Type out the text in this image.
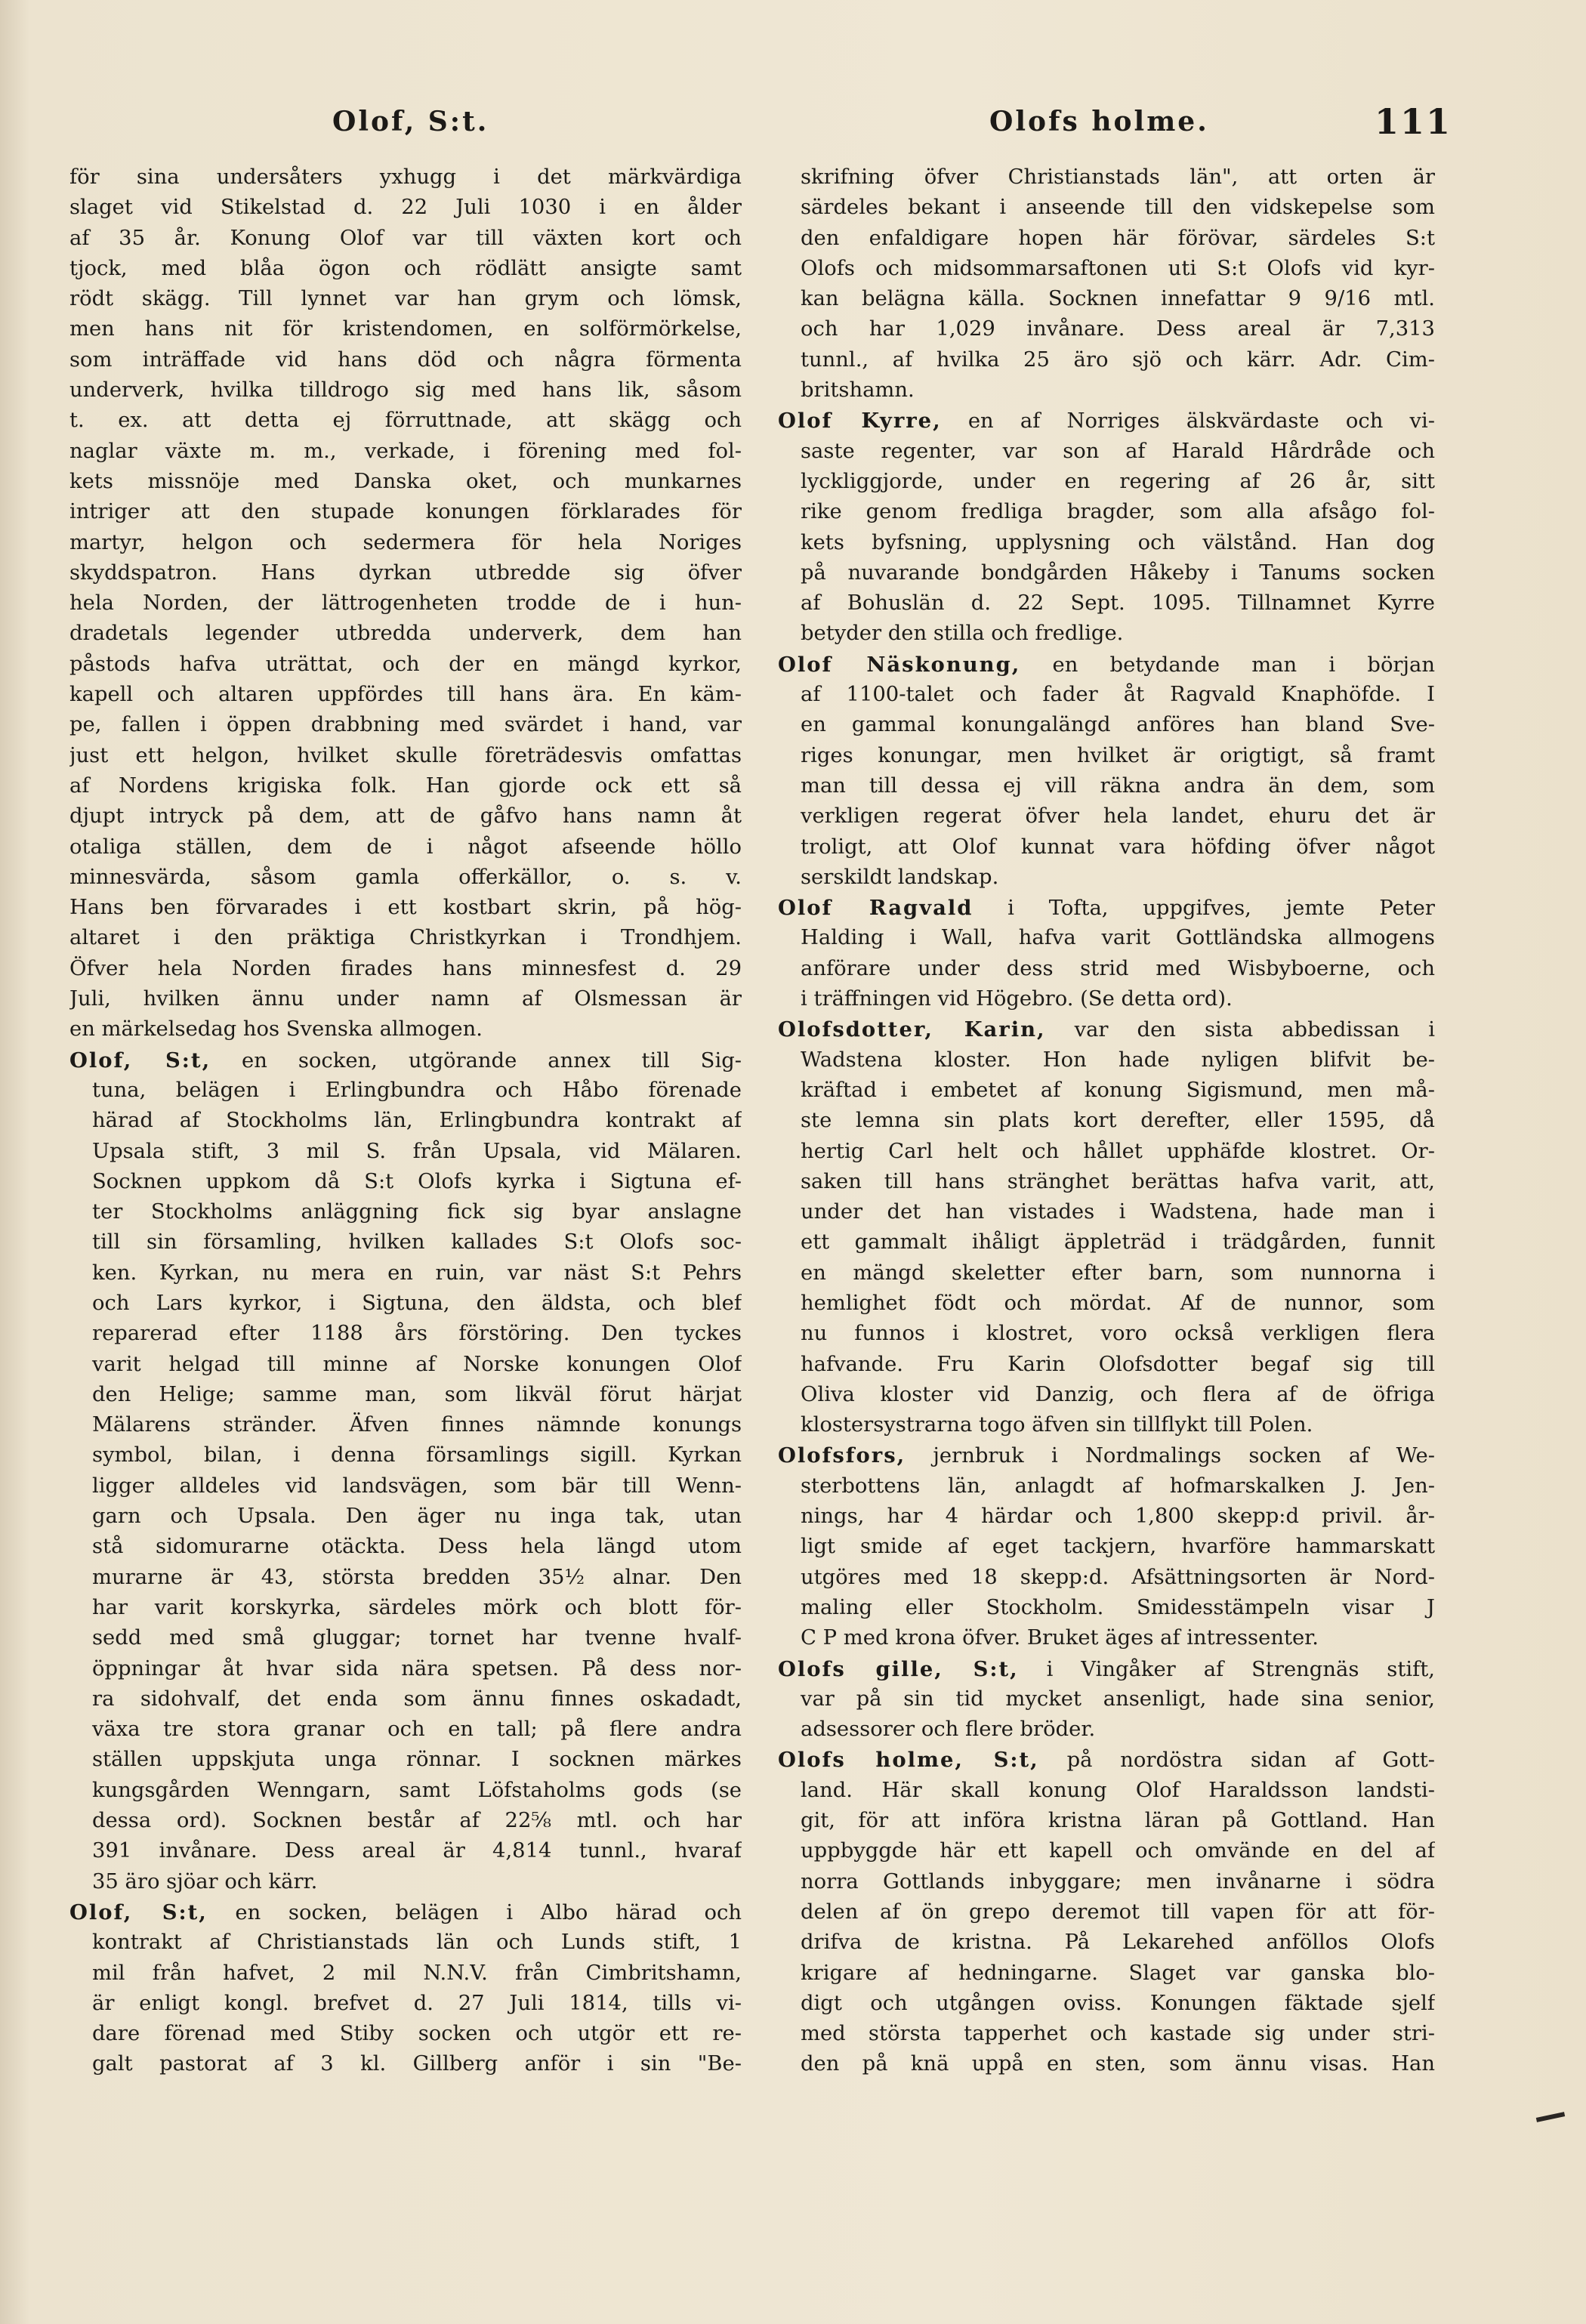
Olof, S:t.	Olofs holme.	111
för sina undersåters yxhugg i det märkvärdiga
slaget vid Stikelstad d. 22 Juli 1030 i en ålder
af 35 år. Konung Olof var till växten kort och
tjock, med blåa ögon och rödlätt ansigte samt
rödt skägg. Till lynnet var han grym och lömsk,
men hans nit för kristendomen, en solförmörkelse,
som inträffade vid hans död och några förmenta
underverk, hvilka tilldrogo sig med hans lik, såsom
t. ex. att detta ej förruttnade, att skägg och
naglar växte m. m., verkade, i förening med fol-
kets missnöje med Danska oket, och munkarnes
intriger att den stupade konungen förklarades för
martyr, helgon och sedermera för hela Noriges
skyddspatron. Hans dyrkan utbredde sig öfver
hela Norden, der lättrogenheten trodde de i hun-
dradetals legender utbredda underverk, dem han
påstods hafva uträttat, och der en mängd kyrkor,
kapell och altaren uppfördes till hans ära. En käm-
pe, fallen i öppen drabbning med svärdet i hand, var
just ett helgon, hvilket skulle företrädesvis omfattas
af Nordens krigiska folk. Han gjorde ock ett så
djupt intryck på dem, att de gåfvo hans namn åt
otaliga ställen, dem de i något afseende höllo
minnesvärda, såsom gamla offerkällor, o. s. v.
Hans ben förvarades i ett kostbart skrin, på hög-
altaret i den präktiga Christkyrkan i Trondhjem.
Öfver hela Norden firades hans minnesfest d. 29
Juli, hvilken ännu under namn af Olsmessan är
en märkelsedag hos Svenska allmogen.
Olof, S:t, en socken, utgörande annex till Sig-
tuna, belägen i Erlingbundra och Håbo förenade
härad af Stockholms län, Erlingbundra kontrakt af
Upsala stift, 3 mil S. från Upsala, vid Mälaren.
Socknen uppkom då S:t Olofs kyrka i Sigtuna ef-
ter Stockholms anläggning fick sig byar anslagne
till sin församling, hvilken kallades S:t Olofs soc-
ken. Kyrkan, nu mera en ruin, var näst S:t Pehrs
och Lars kyrkor, i Sigtuna, den äldsta, och blef
reparerad efter 1188 års förstöring. Den tyckes
varit helgad till minne af Norske konungen Olof
den Helige; samme man, som likväl förut härjat
Mälarens stränder. Äfven finnes nämnde konungs
symbol, bilan, i denna församlings sigill. Kyrkan
ligger alldeles vid landsvägen, som bär till Wenn-
garn och Upsala. Den äger nu inga tak, utan
stå sidomurarne otäckta. Dess hela längd utom
murarne är 43, största bredden 35½ alnar. Den
har varit korskyrka, särdeles mörk och blott för-
sedd med små gluggar; tornet har tvenne hvalf-
öppningar åt hvar sida nära spetsen. På dess nor-
ra sidohvalf, det enda som ännu finnes oskadadt,
växa tre stora granar och en tall; på flere andra
ställen uppskjuta unga rönnar. I socknen märkes
kungsgården Wenngarn, samt Löfstaholms gods (se
dessa ord). Socknen består af 22⅝ mtl. och har
391 invånare. Dess areal är 4,814 tunnl., hvaraf
35 äro sjöar och kärr.
Olof, S:t, en socken, belägen i Albo härad och
kontrakt af Christianstads län och Lunds stift, 1
mil från hafvet, 2 mil N.N.V. från Cimbritshamn,
är enligt kongl. brefvet d. 27 Juli 1814, tills vi-
dare förenad med Stiby socken och utgör ett re-
galt pastorat af 3 kl. Gillberg anför i sin "Be-
skrifning öfver Christianstads län", att orten är
särdeles bekant i anseende till den vidskepelse som
den enfaldigare hopen här förövar, särdeles S:t
Olofs och midsommarsaftonen uti S:t Olofs vid kyr-
kan belägna källa. Socknen innefattar 9 9/16 mtl.
och har 1,029 invånare. Dess areal är 7,313
tunnl., af hvilka 25 äro sjö och kärr. Adr. Cim-
britshamn.
Olof Kyrre, en af Norriges älskvärdaste och vi-
saste regenter, var son af Harald Hårdråde och
lyckliggjorde, under en regering af 26 år, sitt
rike genom fredliga bragder, som alla afsågo fol-
kets byfsning, upplysning och välstånd. Han dog
på nuvarande bondgården Håkeby i Tanums socken
af Bohuslän d. 22 Sept. 1095. Tillnamnet Kyrre
betyder den stilla och fredlige.
Olof Näskonung, en betydande man i början
af 1100-talet och fader åt Ragvald Knaphöfde. I
en gammal konungalängd anföres han bland Sve-
riges konungar, men hvilket är origtigt, så framt
man till dessa ej vill räkna andra än dem, som
verkligen regerat öfver hela landet, ehuru det är
troligt, att Olof kunnat vara höfding öfver något
serskildt landskap.
Olof Ragvald i Tofta, uppgifves, jemte Peter
Halding i Wall, hafva varit Gottländska allmogens
anförare under dess strid med Wisbyboerne, och
i träffningen vid Högebro. (Se detta ord).
Olofsdotter, Karin, var den sista abbedissan i
Wadstena kloster. Hon hade nyligen blifvit be-
kräftad i embetet af konung Sigismund, men må-
ste lemna sin plats kort derefter, eller 1595, då
hertig Carl helt och hållet upphäfde klostret. Or-
saken till hans stränghet berättas hafva varit, att,
under det han vistades i Wadstena, hade man i
ett gammalt ihåligt äppleträd i trädgården, funnit
en mängd skeletter efter barn, som nunnorna i
hemlighet födt och mördat. Af de nunnor, som
nu funnos i klostret, voro också verkligen flera
hafvande. Fru Karin Olofsdotter begaf sig till
Oliva kloster vid Danzig, och flera af de öfriga
klostersystrarna togo äfven sin tillflykt till Polen.
Olofsfors, jernbruk i Nordmalings socken af We-
sterbottens län, anlagdt af hofmarskalken J. Jen-
nings, har 4 härdar och 1,800 skepp:d privil. år-
ligt smide af eget tackjern, hvarföre hammarskatt
utgöres med 18 skepp:d. Afsättningsorten är Nord-
maling eller Stockholm. Smidesstämpeln visar J
C P med krona öfver. Bruket äges af intressenter.
Olofs gille, S:t, i Vingåker af Strengnäs stift,
var på sin tid mycket ansenligt, hade sina senior,
adsessorer och flere bröder.
Olofs holme, S:t, på nordöstra sidan af Gott-
land. Här skall konung Olof Haraldsson landsti-
git, för att införa kristna läran på Gottland. Han
uppbyggde här ett kapell och omvände en del af
norra Gottlands inbyggare; men invånarne i södra
delen af ön grepo deremot till vapen för att för-
drifva de kristna. På Lekarehed anföllos Olofs
krigare af hedningarne. Slaget var ganska blo-
digt och utgången oviss. Konungen fäktade sjelf
med största tapperhet och kastade sig under stri-
den på knä uppå en sten, som ännu visas. Han
